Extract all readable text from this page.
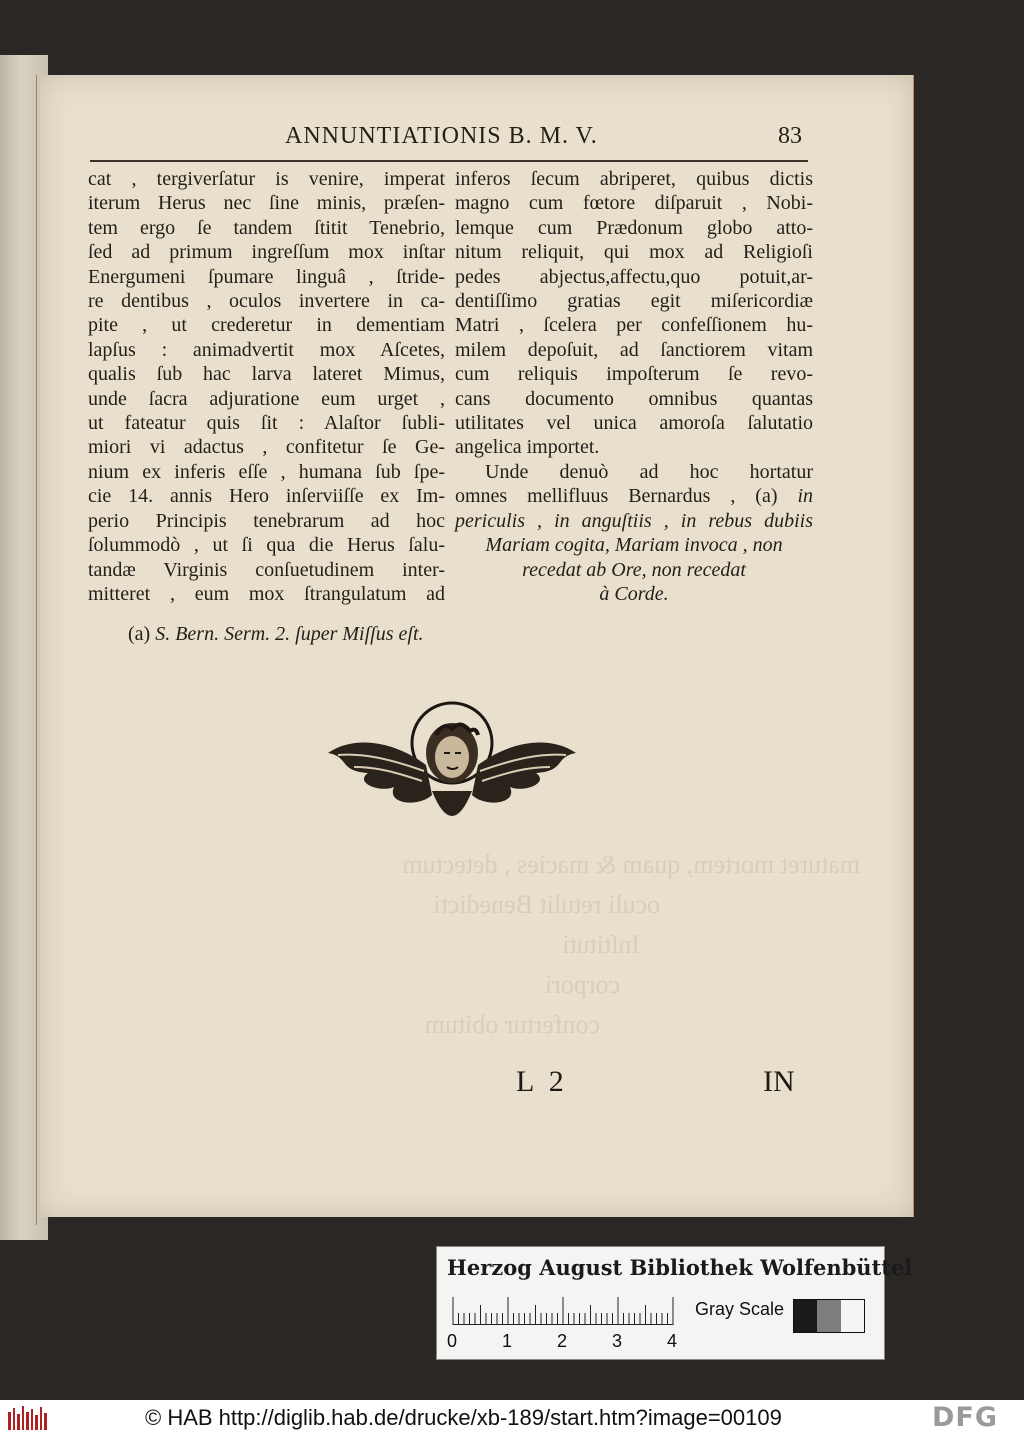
ANNUNTIATIONIS B. M. V.	83
cat , tergiverſatur is venire, imperat
iterum Herus nec ſine minis, præſen-
tem ergo ſe tandem ſtitit Tenebrio,
ſed ad primum ingreſſum mox inſtar
Energumeni ſpumare linguâ , ſtride-
re dentibus , oculos invertere in ca-
pite , ut crederetur in dementiam
lapſus : animadvertit mox Aſcetes,
qualis ſub hac larva lateret Mimus,
unde ſacra adjuratione eum urget ,
ut fateatur quis ſit : Alaſtor ſubli-
miori vi adactus , confitetur ſe Ge-
nium ex inferis eſſe , humana ſub ſpe-
cie 14. annis Hero inſerviiſſe ex Im-
perio Principis tenebrarum ad hoc
ſolummodò , ut ſi qua die Herus ſalu-
tandæ Virginis conſuetudinem inter-
mitteret , eum mox ſtrangulatum ad
inferos ſecum abriperet, quibus dictis
magno cum fœtore diſparuit , Nobi-
lemque cum Prædonum globo atto-
nitum reliquit, qui mox ad Religioſi
pedes abjectus,affectu,quo potuit,ar-
dentiſſimo gratias egit miſericordiæ
Matri , ſcelera per confeſſionem hu-
milem depoſuit, ad ſanctiorem vitam
cum reliquis impoſterum ſe revo-
cans documento omnibus quantas
utilitates vel unica amoroſa ſalutatio
angelica importet.
Unde denuò ad hoc hortatur
omnes mellifluus Bernardus , (a) in
periculis , in anguſtiis , in rebus dubiis
Mariam cogita, Mariam invoca , non
recedat ab Ore, non recedat
à Corde.
(a) S. Bern. Serm. 2. ſuper Miſſus eſt.
maturet mortem, quam & macies , detectum
oculi retulit Benedicti
Inſtituti
corpori
confertur obitum
L 2	IN
Herzog August Bibliothek Wolfenbüttel
0 1 2 3 4
Gray Scale
© HAB http://diglib.hab.de/drucke/xb-189/start.htm?image=00109	DFG
